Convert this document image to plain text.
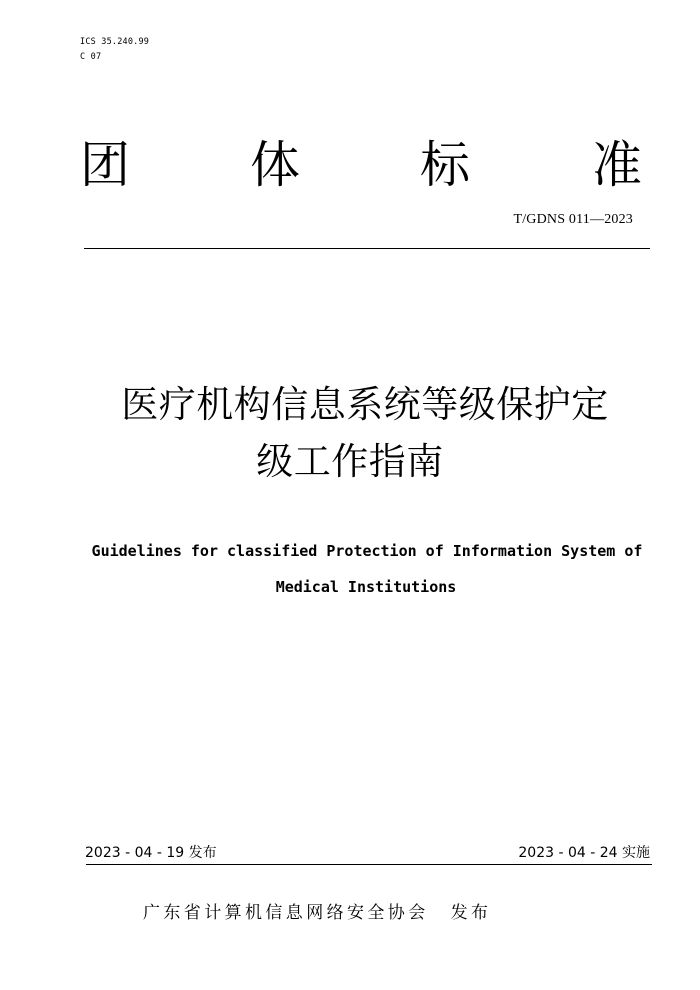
ICS 35.240.99
C 07
团 体 标 准
T/GDNS 011—2023
医疗机构信息系统等级保护定
级工作指南
Guidelines for classified Protection of Information System of
Medical Institutions
2023 - 04 - 19 发布	2023 - 04 - 24 实施
广东省计算机信息网络安全协会 发布
